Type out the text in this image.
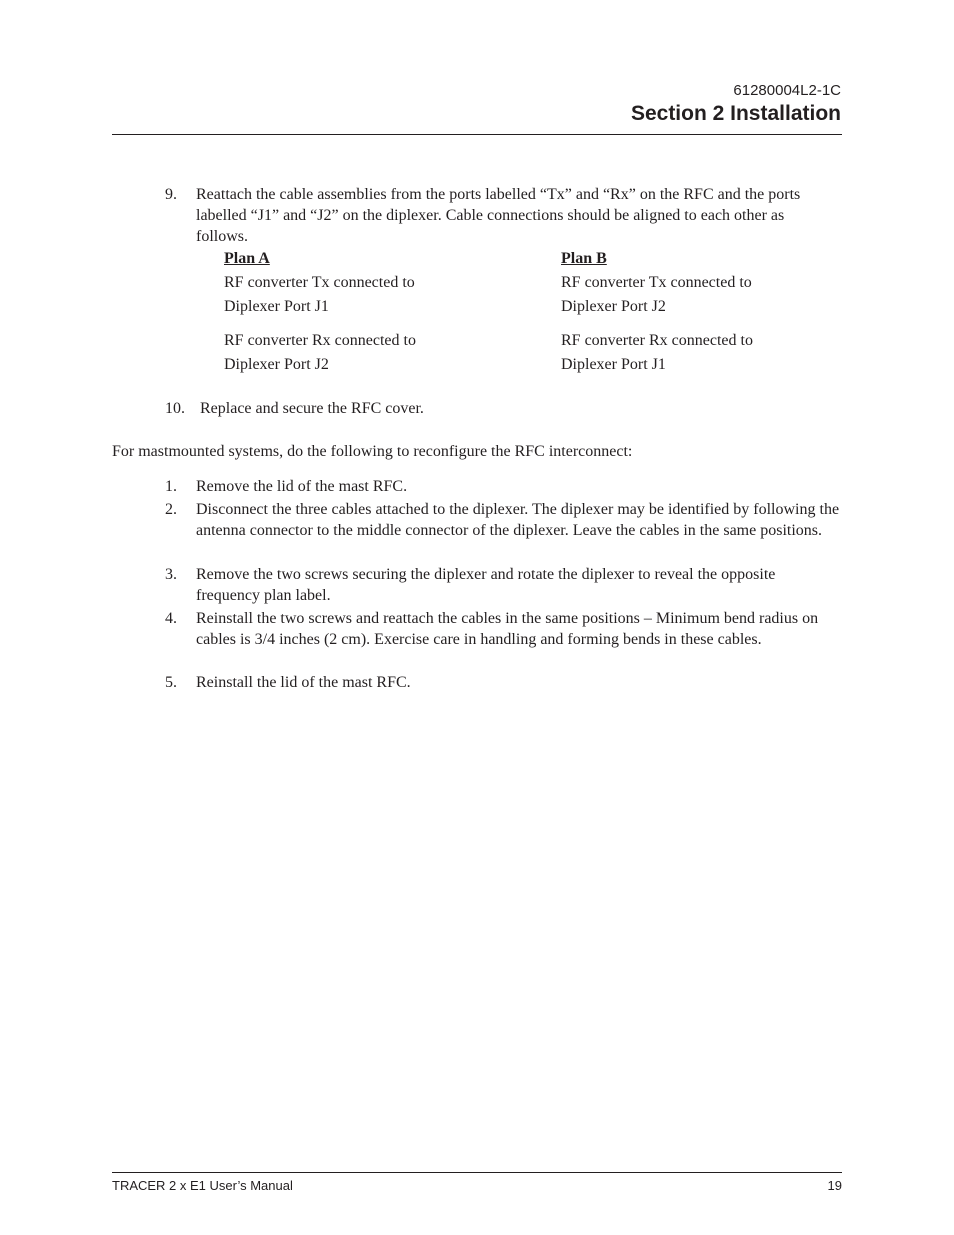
61280004L2-1C
Section 2 Installation
9. Reattach the cable assemblies from the ports labelled “Tx” and “Rx” on the RFC and the ports labelled “J1” and “J2” on the diplexer. Cable connections should be aligned to each other as follows.
Plan A
RF converter Tx connected to
Diplexer Port J1
RF converter Rx connected to
Diplexer Port J2
Plan B
RF converter Tx connected to
Diplexer Port J2
RF converter Rx connected to
Diplexer Port J1
10. Replace and secure the RFC cover.
For mastmounted systems, do the following to reconfigure the RFC interconnect:
1. Remove the lid of the mast RFC.
2. Disconnect the three cables attached to the diplexer. The diplexer may be identified by following the antenna connector to the middle connector of the diplexer. Leave the cables in the same positions.
3. Remove the two screws securing the diplexer and rotate the diplexer to reveal the opposite frequency plan label.
4. Reinstall the two screws and reattach the cables in the same positions – Minimum bend radius on cables is 3/4 inches (2 cm). Exercise care in handling and forming bends in these cables.
5. Reinstall the lid of the mast RFC.
TRACER 2 x E1 User’s Manual	19
